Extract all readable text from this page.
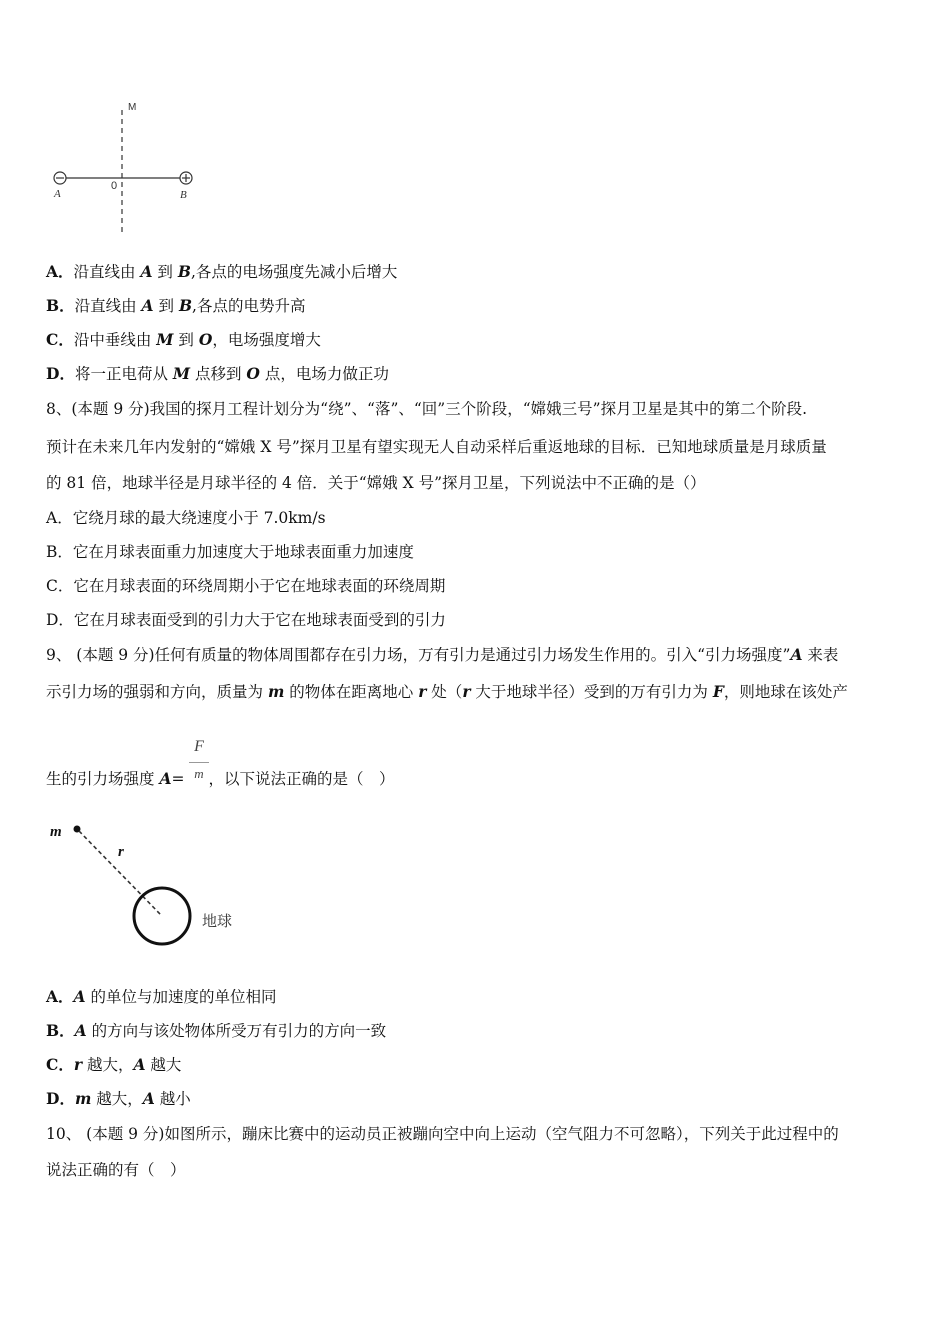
M
0
A	B
A．沿直线由 A 到 B,各点的电场强度先减小后增大
B．沿直线由 A 到 B,各点的电势升高
C．沿中垂线由 M 到 O，电场强度增大
D．将一正电荷从 M 点移到 O 点，电场力做正功
8、(本题 9 分)我国的探月工程计划分为“绕”、“落”、“回”三个阶段，“嫦娥三号”探月卫星是其中的第二个阶段.
预计在未来几年内发射的“嫦娥 X 号”探月卫星有望实现无人自动采样后重返地球的目标．已知地球质量是月球质量
的 81 倍，地球半径是月球半径的 4 倍．关于“嫦娥 X 号”探月卫星，下列说法中不正确的是（）
A．它绕月球的最大绕速度小于 7.0km/s
B．它在月球表面重力加速度大于地球表面重力加速度
C．它在月球表面的环绕周期小于它在地球表面的环绕周期
D．它在月球表面受到的引力大于它在地球表面受到的引力
9、 (本题 9 分)任何有质量的物体周围都存在引力场，万有引力是通过引力场发生作用的。引入“引力场强度”A 来表
示引力场的强弱和方向，质量为 m 的物体在距离地心 r 处（r 大于地球半径）受到的万有引力为 F，则地球在该处产
生的引力场强度 A= ，以下说法正确的是（　）
F
m
m
r
地球
A．A 的单位与加速度的单位相同
B．A 的方向与该处物体所受万有引力的方向一致
C．r 越大，A 越大
D．m 越大，A 越小
10、 (本题 9 分)如图所示，蹦床比赛中的运动员正被蹦向空中向上运动（空气阻力不可忽略），下列关于此过程中的
说法正确的有（　）
